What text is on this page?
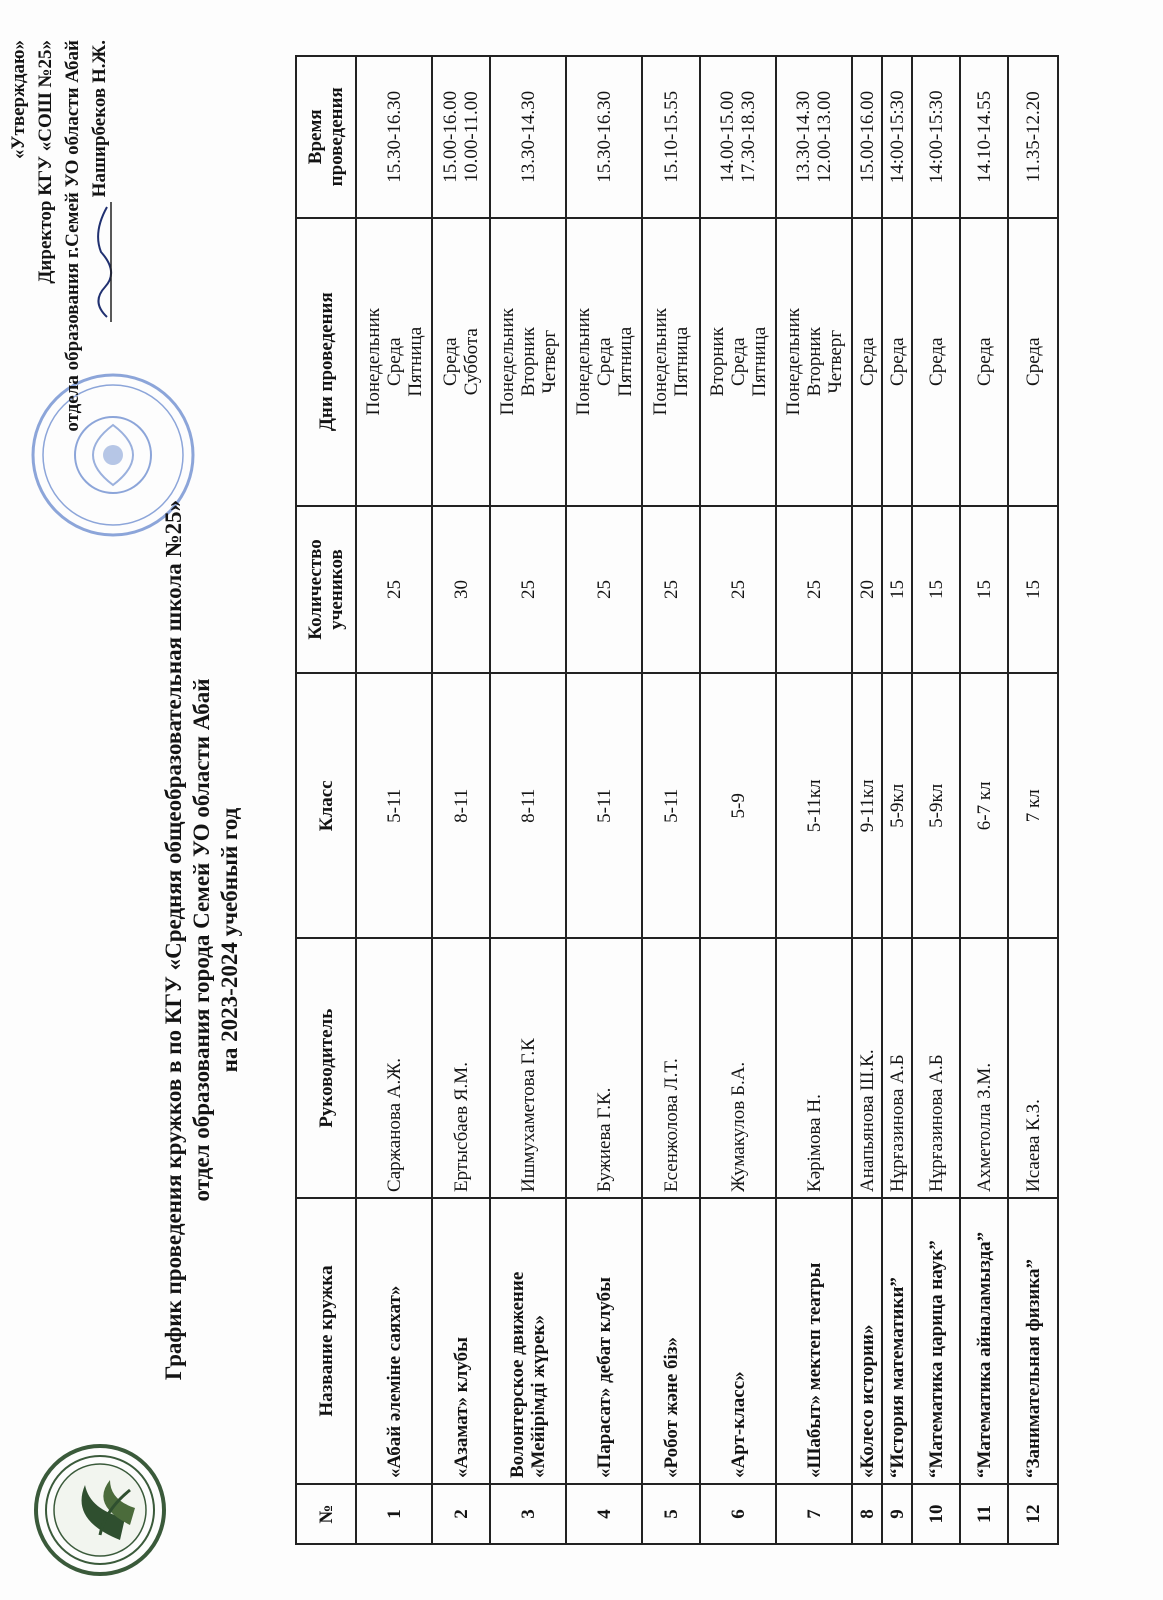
«Утверждаю» Директор КГУ «СОШ №25» отдела образования г.Семей УО области Абай Наширбеков Н.Ж.
График проведения кружков в по КГУ «Средняя общеобразовательная школа №25» отдел образования города Семей УО области Абай на 2023-2024 учебный год
№	Название кружка	Руководитель	Класс	Количество учеников	Дни проведения	Время проведения
1	«Абай әлеміне саяхат»	Саржанова А.Ж.	5-11	25	Понедельник Среда Пятница	15.30-16.30

2	«Азамат» клубы	Ертысбаев Я.М.	8-11	30	Среда Суббота	15.00-16.00 10.00-11.00

3	Волонтерское движение «Мейірімді жүрек»	Ишмухаметова Г.К	8-11	25	Понедельник Вторник Четверг	13.30-14.30

4	«Парасат» дебат клубы	Бужиева Г.К.	5-11	25	Понедельник Среда Пятница	15.30-16.30

5	«Робот және біз»	Есенжолова Л.Т.	5-11	25	Понедельник Пятница	15.10-15.55

6	«Арт-класс»	Жумакулов Б.А.	5-9	25	Вторник Среда Пятница	14.00-15.00 17.30-18.30

7	«Шабыт» мектеп театры	Кәрімова Н.	5-11кл	25	Понедельник Вторник Четверг	13.30-14.30 12.00-13.00

8	«Колесо истории»	Анапьянова Ш.К.	9-11кл	20	Среда	15.00-16.00

9	“История математики”	Нұрғазинова А.Б	5-9кл	15	Среда	14:00-15:30

10	“Математика царица наук”	Нұрғазинова А.Б	5-9кл	15	Среда	14:00-15:30

11	“Математика айналамызда”	Ахметолла З.М.	6-7 кл	15	Среда	14.10-14.55

12	“Занимательная физика”	Исаева К.З.	7 кл	15	Среда	11.35-12.20
